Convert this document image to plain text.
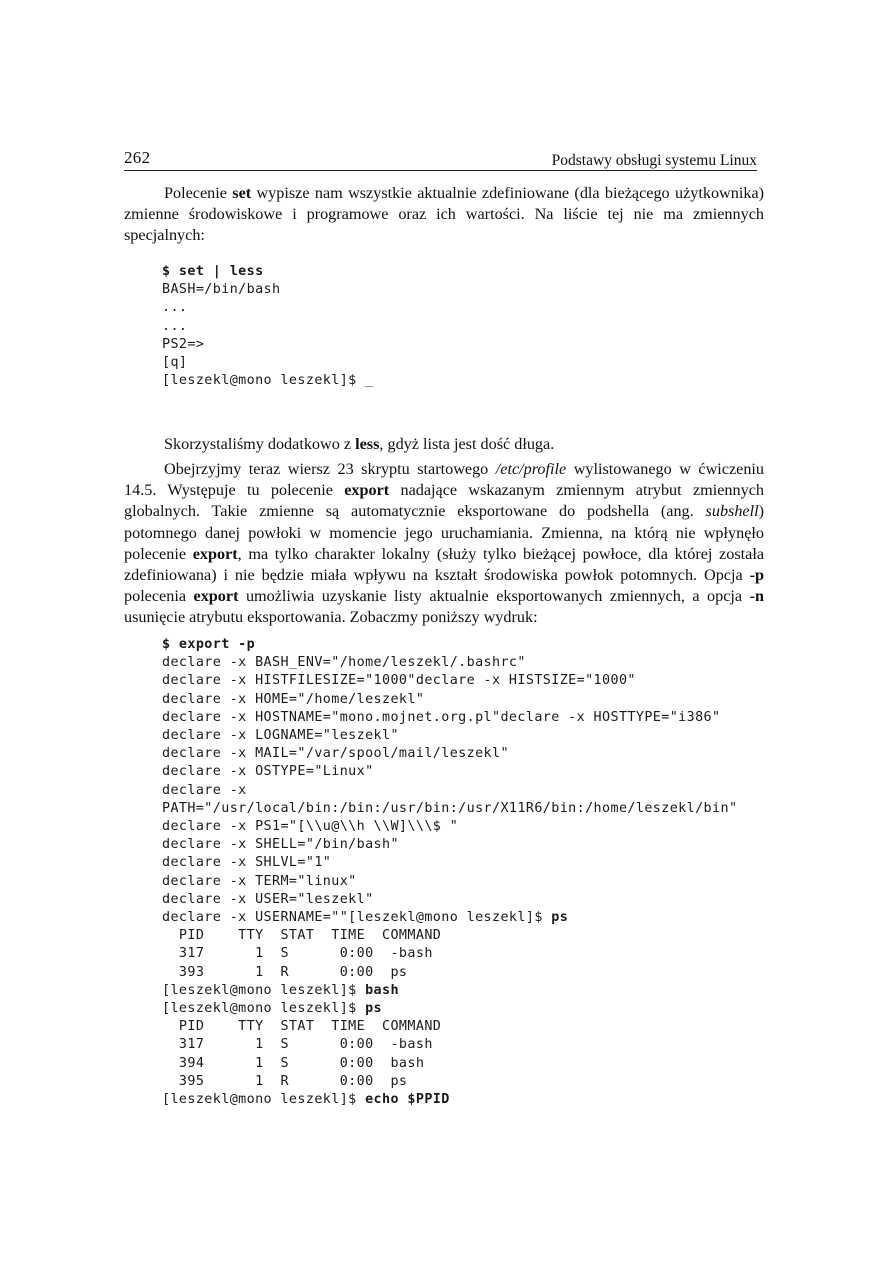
262	Podstawy obsługi systemu Linux

Polecenie set wypisze nam wszystkie aktualnie zdefiniowane (dla bieżącego użytkownika) zmienne środowiskowe i programowe oraz ich wartości. Na liście tej nie ma zmiennych specjalnych:

$ set | less
BASH=/bin/bash
...
...
PS2=>
[q]
[leszekl@mono leszekl]$ _

Skorzystaliśmy dodatkowo z less, gdyż lista jest dość długa.

Obejrzyjmy teraz wiersz 23 skryptu startowego /etc/profile wylistowanego w ćwiczeniu 14.5. Występuje tu polecenie export nadające wskazanym zmiennym atrybut zmiennych globalnych. Takie zmienne są automatycznie eksportowane do podshella (ang. subshell) potomnego danej powłoki w momencie jego uruchamiania. Zmienna, na którą nie wpłynęło polecenie export, ma tylko charakter lokalny (służy tylko bieżącej powłoce, dla której została zdefiniowana) i nie będzie miała wpływu na kształt środowiska powłok potomnych. Opcja -p polecenia export umożliwia uzyskanie listy aktualnie eksportowanych zmiennych, a opcja -n usunięcie atrybutu eksportowania. Zobaczmy poniższy wydruk:

$ export -p
declare -x BASH_ENV="/home/leszekl/.bashrc"
declare -x HISTFILESIZE="1000"declare -x HISTSIZE="1000"
declare -x HOME="/home/leszekl"
declare -x HOSTNAME="mono.mojnet.org.pl"declare -x HOSTTYPE="i386"
declare -x LOGNAME="leszekl"
declare -x MAIL="/var/spool/mail/leszekl"
declare -x OSTYPE="Linux"
declare -x
PATH="/usr/local/bin:/bin:/usr/bin:/usr/X11R6/bin:/home/leszekl/bin"
declare -x PS1="[\\u@\\h \\W]\\\$ "
declare -x SHELL="/bin/bash"
declare -x SHLVL="1"
declare -x TERM="linux"
declare -x USER="leszekl"
declare -x USERNAME=""[leszekl@mono leszekl]$ ps
PID    TTY  STAT  TIME  COMMAND
317      1  S      0:00  -bash
393      1  R      0:00  ps
[leszekl@mono leszekl]$ bash
[leszekl@mono leszekl]$ ps
PID    TTY  STAT  TIME  COMMAND
317      1  S      0:00  -bash
394      1  S      0:00  bash
395      1  R      0:00  ps
[leszekl@mono leszekl]$ echo $PPID
